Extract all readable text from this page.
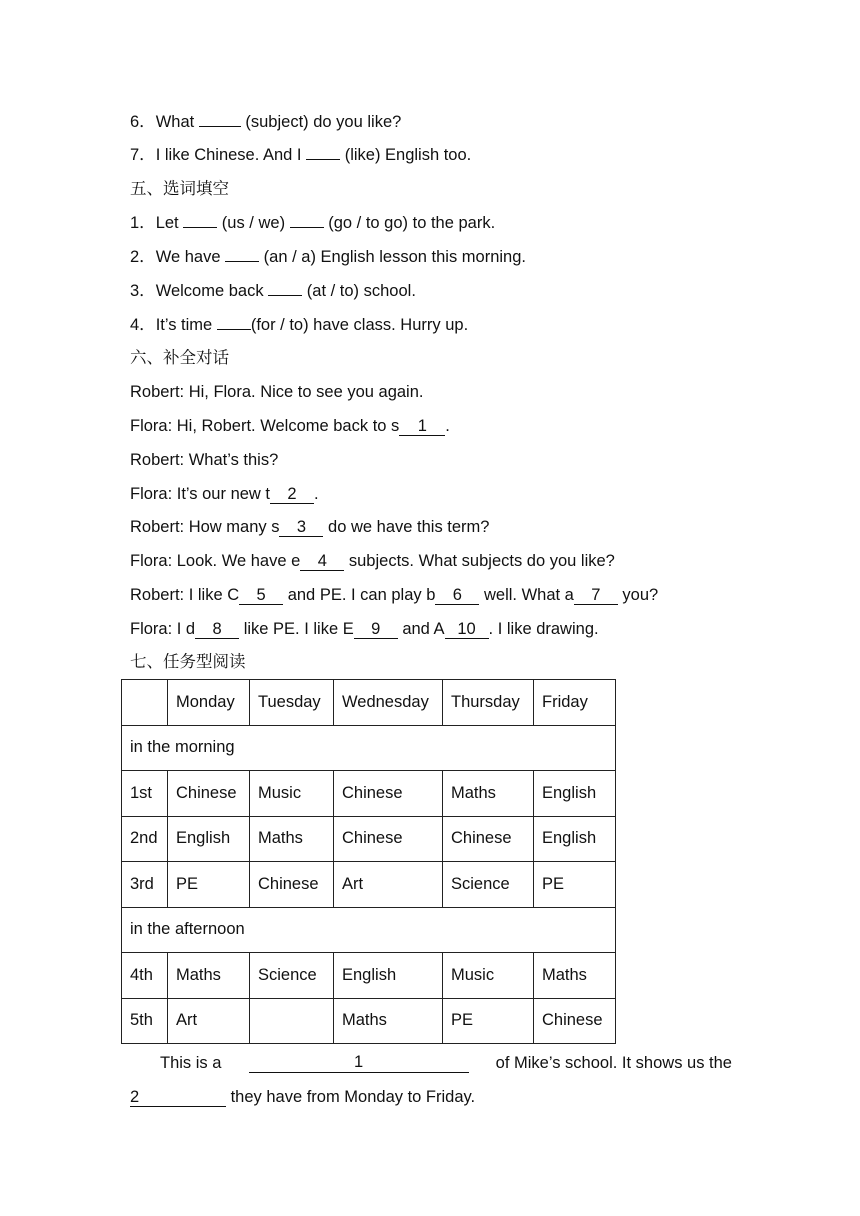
6．What	(subject) do you like?
7．I like Chinese. And I  (like) English too.
五、选词填空
1．Let  (us / we)  (go / to go) to the park.
2．We have  (an / a) English lesson this morning.
3．Welcome back  (at / to) school.
4．It’s time (for / to) have class. Hurry up.
六、补全对话
Robert: Hi, Flora. Nice to see you again.
Flora: Hi, Robert. Welcome back to s 1 .
Robert: What’s this?
Flora: It’s our new t 2 .
Robert: How many s 3 do we have this term?
Flora: Look. We have e 4 subjects. What subjects do you like?
Robert: I like C 5 and PE. I can play b 6 well. What a 7 you?
Flora: I d 8 like PE. I like E 9 and A 10 . I like drawing.
七、任务型阅读
	Monday	Tuesday	Wednesday	Thursday	Friday
in the morning					
1st	Chinese	Music	Chinese	Maths	English
2nd	English	Maths	Chinese	Chinese	English
3rd	PE	Chinese	Art	Science	PE
in the afternoon					
4th	Maths	Science	English	Music	Maths
5th	Art		Maths	PE	Chinese
This is a	1	of Mike’s school. It shows us the
2	they have from Monday to Friday.
